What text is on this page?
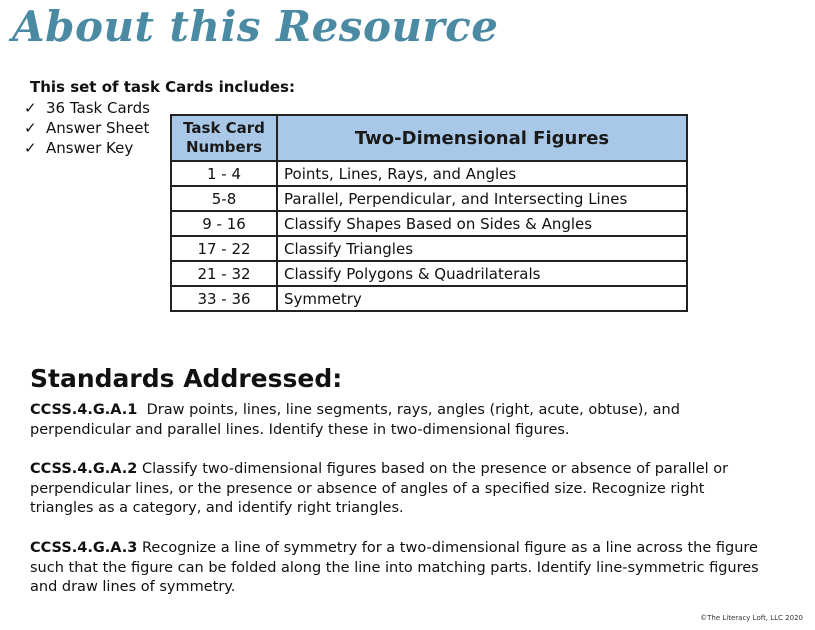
About this Resource
This set of task Cards includes:
✓ 36 Task Cards
✓ Answer Sheet
✓ Answer Key
Task Card
Numbers	Two-Dimensional Figures
1 - 4	Points, Lines, Rays, and Angles
5-8	Parallel, Perpendicular, and Intersecting Lines
9 - 16	Classify Shapes Based on Sides & Angles
17 - 22	Classify Triangles
21 - 32	Classify Polygons & Quadrilaterals
33 - 36	Symmetry
Standards Addressed:

CCSS.4.G.A.1 Draw points, lines, line segments, rays, angles (right, acute, obtuse), and perpendicular and parallel lines. Identify these in two-dimensional figures.

CCSS.4.G.A.2 Classify two-dimensional figures based on the presence or absence of parallel or perpendicular lines, or the presence or absence of angles of a specified size. Recognize right triangles as a category, and identify right triangles.

CCSS.4.G.A.3 Recognize a line of symmetry for a two-dimensional figure as a line across the figure such that the figure can be folded along the line into matching parts. Identify line-symmetric figures and draw lines of symmetry.

©The Literacy Loft, LLC 2020
